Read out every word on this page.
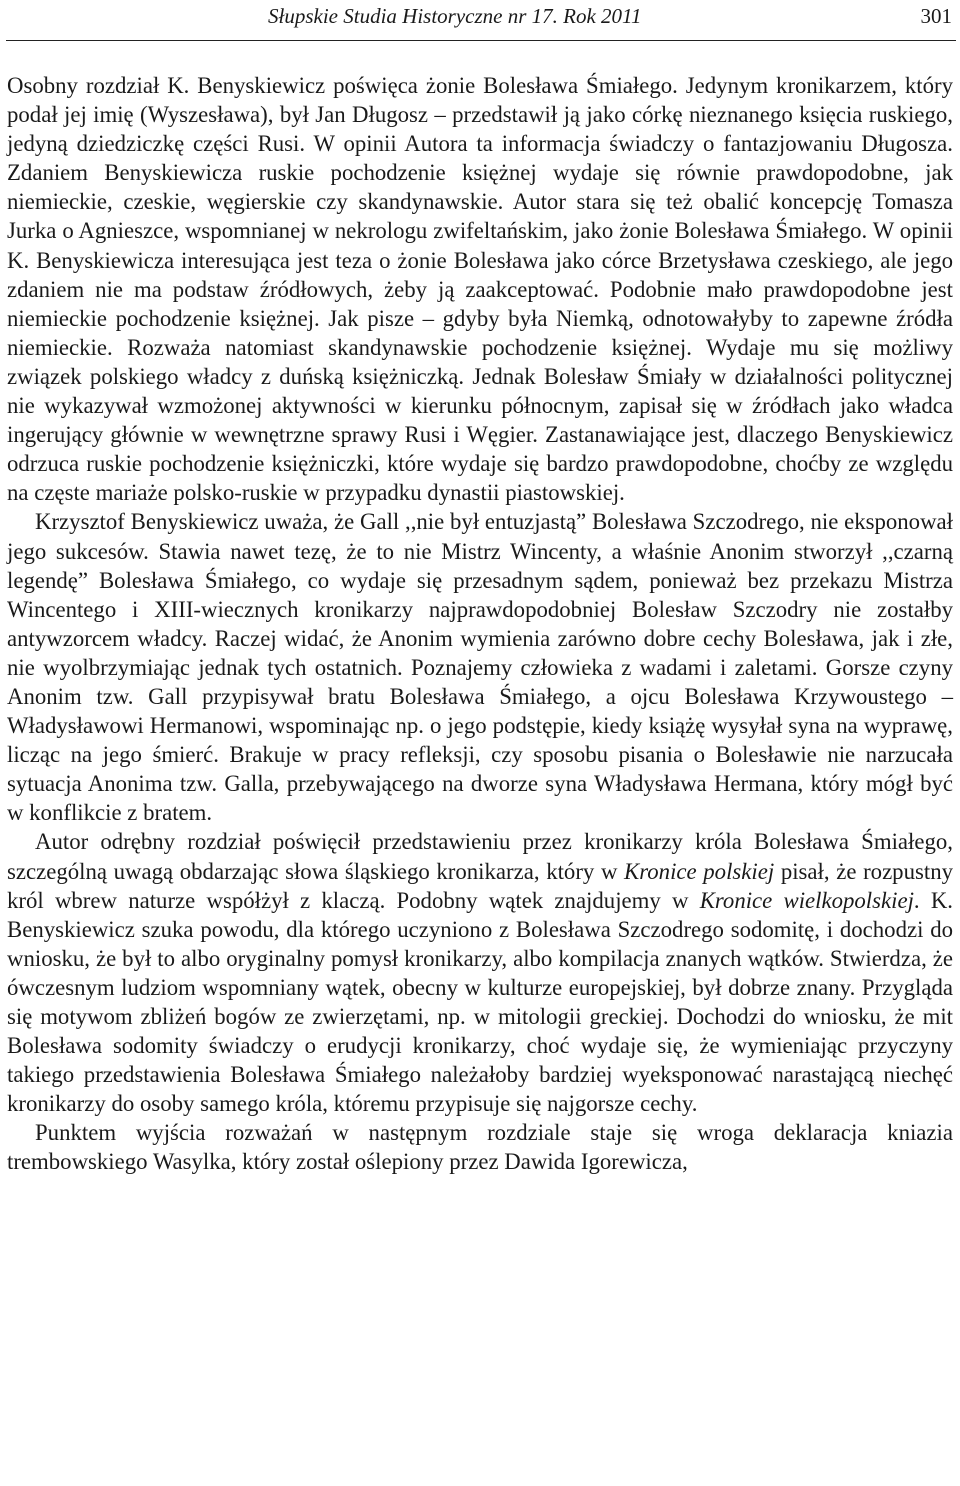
Słupskie Studia Historyczne nr 17. Rok 2011	301

Osobny rozdział K. Benyskiewicz poświęca żonie Bolesława Śmiałego. Jedynym kronikarzem, który podał jej imię (Wyszesława), był Jan Długosz – przedstawił ją jako córkę nieznanego księcia ruskiego, jedyną dziedziczkę części Rusi. W opinii Autora ta informacja świadczy o fantazjowaniu Długosza. Zdaniem Benyskiewicza ruskie pochodzenie księżnej wydaje się równie prawdopodobne, jak niemieckie, czeskie, węgierskie czy skandynawskie. Autor stara się też obalić koncepcję Tomasza Jurka o Agnieszce, wspomnianej w nekrologu zwifeltańskim, jako żonie Bolesława Śmiałego. W opinii K. Benyskiewicza interesująca jest teza o żonie Bolesława jako córce Brzetysława czeskiego, ale jego zdaniem nie ma podstaw źródłowych, żeby ją zaakceptować. Podobnie mało prawdopodobne jest niemieckie pochodzenie księżnej. Jak pisze – gdyby była Niemką, odnotowałyby to zapewne źródła niemieckie. Rozważa natomiast skandynawskie pochodzenie księżnej. Wydaje mu się możliwy związek polskiego władcy z duńską księżniczką. Jednak Bolesław Śmiały w działalności politycznej nie wykazywał wzmożonej aktywności w kierunku północnym, zapisał się w źródłach jako władca ingerujący głównie w wewnętrzne sprawy Rusi i Węgier. Zastanawiające jest, dlaczego Benyskiewicz odrzuca ruskie pochodzenie księżniczki, które wydaje się bardzo prawdopodobne, choćby ze względu na częste mariaże polsko-ruskie w przypadku dynastii piastowskiej.

Krzysztof Benyskiewicz uważa, że Gall ,,nie był entuzjastą” Bolesława Szczodrego, nie eksponował jego sukcesów. Stawia nawet tezę, że to nie Mistrz Wincenty, a właśnie Anonim stworzył ,,czarną legendę” Bolesława Śmiałego, co wydaje się przesadnym sądem, ponieważ bez przekazu Mistrza Wincentego i XIII-wiecznych kronikarzy najprawdopodobniej Bolesław Szczodry nie zostałby antywzorcem władcy. Raczej widać, że Anonim wymienia zarówno dobre cechy Bolesława, jak i złe, nie wyolbrzymiając jednak tych ostatnich. Poznajemy człowieka z wadami i zaletami. Gorsze czyny Anonim tzw. Gall przypisywał bratu Bolesława Śmiałego, a ojcu Bolesława Krzywoustego – Władysławowi Hermanowi, wspominając np. o jego podstępie, kiedy książę wysyłał syna na wyprawę, licząc na jego śmierć. Brakuje w pracy refleksji, czy sposobu pisania o Bolesławie nie narzucała sytuacja Anonima tzw. Galla, przebywającego na dworze syna Władysława Hermana, który mógł być w konflikcie z bratem.

Autor odrębny rozdział poświęcił przedstawieniu przez kronikarzy króla Bolesława Śmiałego, szczególną uwagą obdarzając słowa śląskiego kronikarza, który w Kronice polskiej pisał, że rozpustny król wbrew naturze współżył z klaczą. Podobny wątek znajdujemy w Kronice wielkopolskiej. K. Benyskiewicz szuka powodu, dla którego uczyniono z Bolesława Szczodrego sodomitę, i dochodzi do wniosku, że był to albo oryginalny pomysł kronikarzy, albo kompilacja znanych wątków. Stwierdza, że ówczesnym ludziom wspomniany wątek, obecny w kulturze europejskiej, był dobrze znany. Przygląda się motywom zbliżeń bogów ze zwierzętami, np. w mitologii greckiej. Dochodzi do wniosku, że mit Bolesława sodomity świadczy o erudycji kronikarzy, choć wydaje się, że wymieniając przyczyny takiego przedstawienia Bolesława Śmiałego należałoby bardziej wyeksponować narastającą niechęć kronikarzy do osoby samego króla, któremu przypisuje się najgorsze cechy.

Punktem wyjścia rozważań w następnym rozdziale staje się wroga deklaracja kniazia trembowskiego Wasylka, który został oślepiony przez Dawida Igorewicza,
